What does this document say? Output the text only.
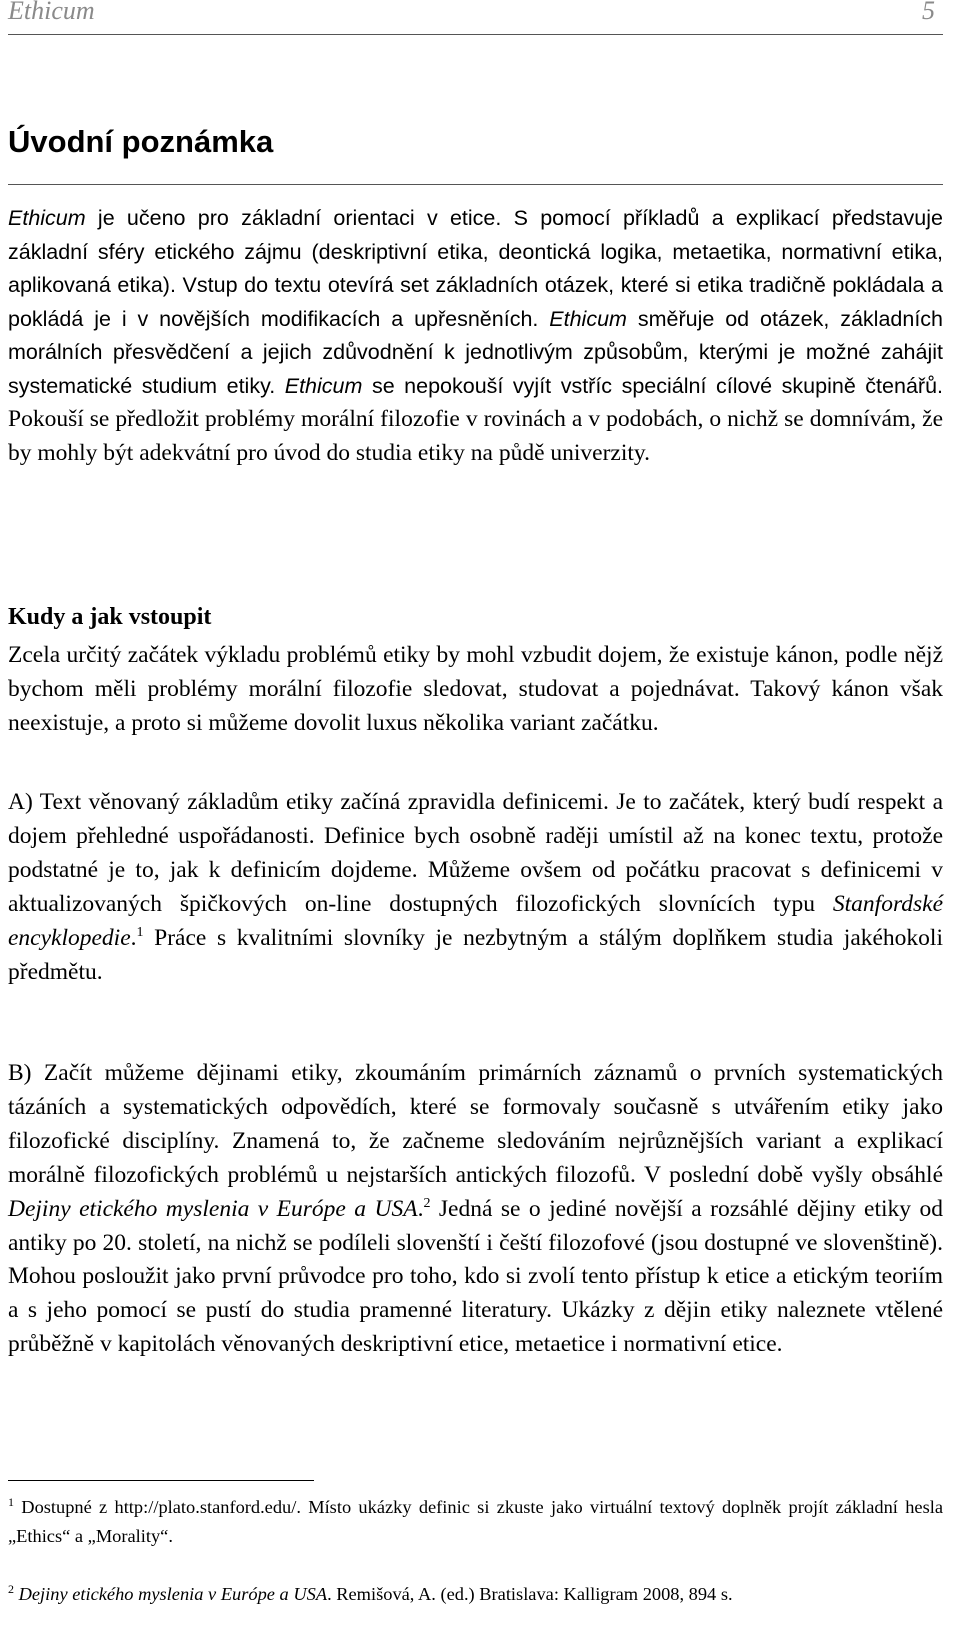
Ethicum	5
Úvodní poznámka

Ethicum je učeno pro základní orientaci v etice. S pomocí příkladů a explikací představuje základní sféry etického zájmu (deskriptivní etika, deontická logika, metaetika, normativní etika, aplikovaná etika). Vstup do textu otevírá set základních otázek, které si etika tradičně pokládala a pokládá je i v novějších modifikacích a upřesněních. Ethicum směřuje od otázek, základních morálních přesvědčení a jejich zdůvodnění k jednotlivým způsobům, kterými je možné zahájit systematické studium etiky. Ethicum se nepokouší vyjít vstříc speciální cílové skupině čtenářů. Pokouší se předložit problémy morální filozofie v rovinách a v podobách, o nichž se domnívám, že by mohly být adekvátní pro úvod do studia etiky na půdě univerzity.

Kudy a jak vstoupit

Zcela určitý začátek výkladu problémů etiky by mohl vzbudit dojem, že existuje kánon, podle nějž bychom měli problémy morální filozofie sledovat, studovat a pojednávat. Takový kánon však neexistuje, a proto si můžeme dovolit luxus několika variant začátku.

A) Text věnovaný základům etiky začíná zpravidla definicemi. Je to začátek, který budí respekt a dojem přehledné uspořádanosti. Definice bych osobně raději umístil až na konec textu, protože podstatné je to, jak k definicím dojdeme. Můžeme ovšem od počátku pracovat s definicemi v aktualizovaných špičkových on-line dostupných filozofických slovnících typu Stanfordské encyklopedie.$^1$ Práce s kvalitními slovníky je nezbytným a stálým doplňkem studia jakéhokoli předmětu.

B) Začít můžeme dějinami etiky, zkoumáním primárních záznamů o prvních systematických tázáních a systematických odpovědích, které se formovaly současně s utvářením etiky jako filozofické disciplíny. Znamená to, že začneme sledováním nejrůznějších variant a explikací morálně filozofických problémů u nejstarších antických filozofů. V poslední době vyšly obsáhlé Dejiny etického myslenia v Európe a USA.$^2$ Jedná se o jediné novější a rozsáhlé dějiny etiky od antiky po 20. století, na nichž se podíleli slovenští i čeští filozofové (jsou dostupné ve slovenštině). Mohou posloužit jako první průvodce pro toho, kdo si zvolí tento přístup k etice a etickým teoriím a s jeho pomocí se pustí do studia pramenné literatury. Ukázky z dějin etiky naleznete vtělené průběžně v kapitolách věnovaných deskriptivní etice, metaetice i normativní etice.

$^1$ Dostupné z http://plato.stanford.edu/. Místo ukázky definic si zkuste jako virtuální textový doplněk projít základní hesla „Ethics“ a „Morality“.

$^2$ Dejiny etického myslenia v Európe a USA. Remišová, A. (ed.) Bratislava: Kalligram 2008, 894 s.
